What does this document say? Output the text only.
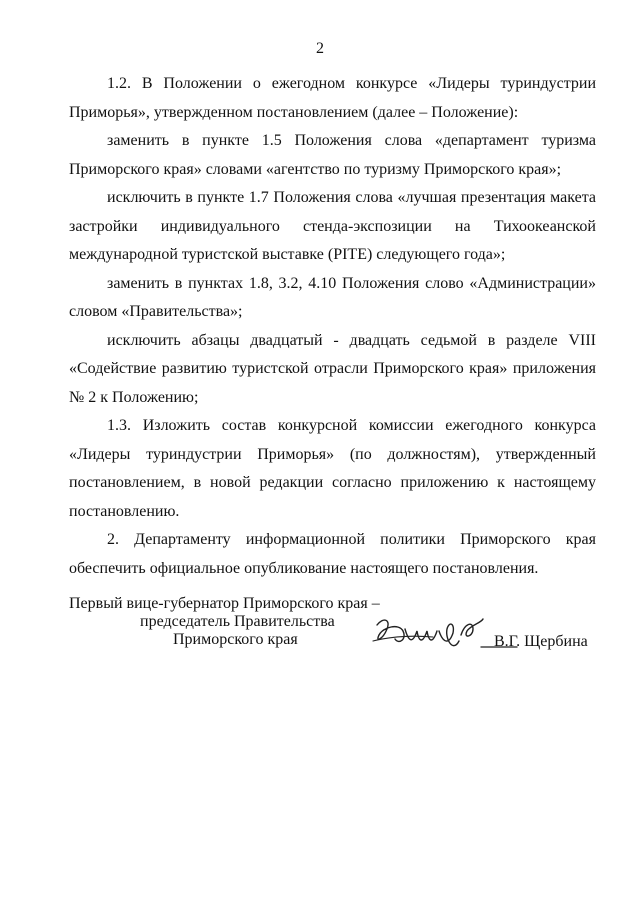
2

1.2. В Положении о ежегодном конкурсе «Лидеры туриндустрии Приморья», утвержденном постановлением (далее – Положение):

заменить в пункте 1.5 Положения слова «департамент туризма Приморского края» словами «агентство по туризму Приморского края»;

исключить в пункте 1.7 Положения слова «лучшая презентация макета застройки индивидуального стенда-экспозиции на Тихоокеанской международной туристской выставке (PITE) следующего года»;

заменить в пунктах 1.8, 3.2, 4.10 Положения слово «Администрации» словом «Правительства»;

исключить абзацы двадцатый - двадцать седьмой в разделе VIII «Содействие развитию туристской отрасли Приморского края» приложения № 2 к Положению;

1.3. Изложить состав конкурсной комиссии ежегодного конкурса «Лидеры туриндустрии Приморья» (по должностям), утвержденный постановлением, в новой редакции согласно приложению к настоящему постановлению.

2. Департаменту информационной политики Приморского края обеспечить официальное опубликование настоящего постановления.

Первый вице-губернатор Приморского края –
председатель Правительства
Приморского края	В.Г. Щербина
